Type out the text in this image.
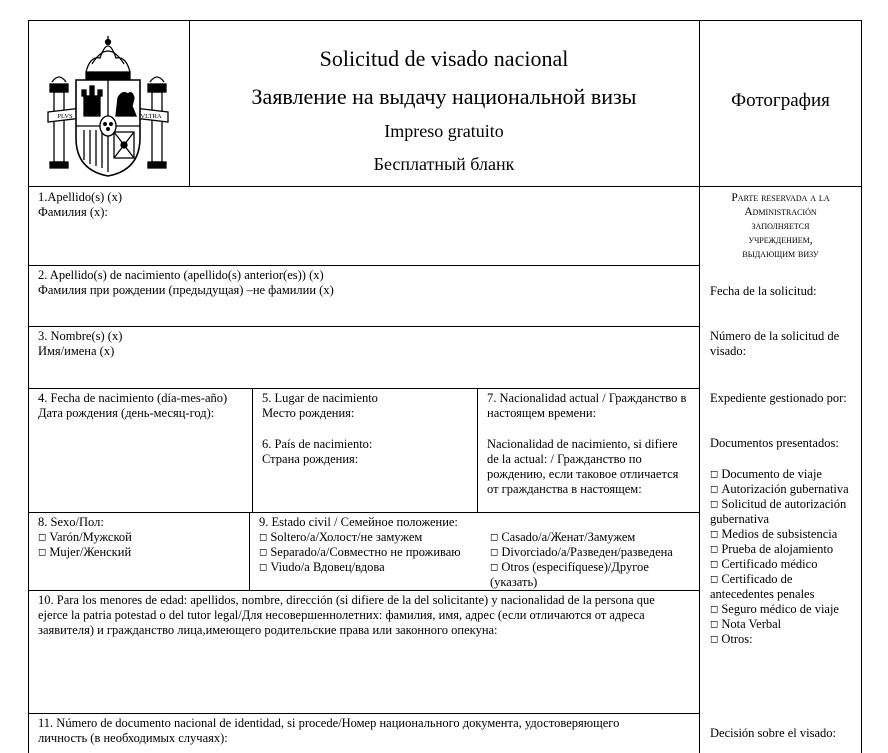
PLVS	VLTRA
Solicitud de visado nacional
Заявление на выдачу национальной визы
Impreso gratuito
Бесплатный бланк
Фотография
1.Apellido(s) (x)
Фамилия (x):
2. Apellido(s) de nacimiento (apellido(s) anterior(es)) (x)
Фамилия при рождении (предыдущая) –не фамилии (x)
3. Nombre(s) (x)
Имя/имена (x)
4. Fecha de nacimiento (día-mes-año)
Дата рождения (день-месяц-год):
5. Lugar de nacimiento
Место рождения:
6. País de nacimiento:
Страна рождения:
7. Nacionalidad actual / Гражданство в
настоящем времени:
Nacionalidad de nacimiento, si difiere
de la actual: / Гражданство по
рождению, если таковое отличается
от гражданства в настоящем:
8. Sexo/Пол:
◻ Varón/Мужской
◻ Mujer/Женский
9. Estado civil / Семейное положение:
◻ Soltero/a/Холост/не замужем
◻ Separado/a/Совместно не проживаю
◻ Viudo/a Вдовец/вдова
◻ Casado/a/Женат/Замужем
◻ Divorciado/a/Разведен/разведена
◻ Otros (especifíquese)/Другое
(указать)
10. Para los menores de edad: apellidos, nombre, dirección (si difiere de la del solicitante) y nacionalidad de la persona que
ejerce la patria potestad o del tutor legal/Для несовершеннолетних: фамилия, имя, адрес (если отличаются от адреса
заявителя) и гражданство лица,имеющего родительские права или законного опекуна:
11. Número de documento nacional de identidad, si procede/Номер национального документа, удостоверяющего
личность (в необходимых случаях):
Parte reservada a la
Administración
заполняется
учреждением,
выдающим визу
Fecha de la solicitud:
Número de la solicitud de
visado:
Expediente gestionado por:
Documentos presentados:
◻ Documento de viaje
◻ Autorización gubernativa
◻ Solicitud de autorización
gubernativa
◻ Medios de subsistencia
◻ Prueba de alojamiento
◻ Certificado médico
◻ Certificado de
antecedentes penales
◻ Seguro médico de viaje
◻ Nota Verbal
◻ Otros:
Decisión sobre el visado:
